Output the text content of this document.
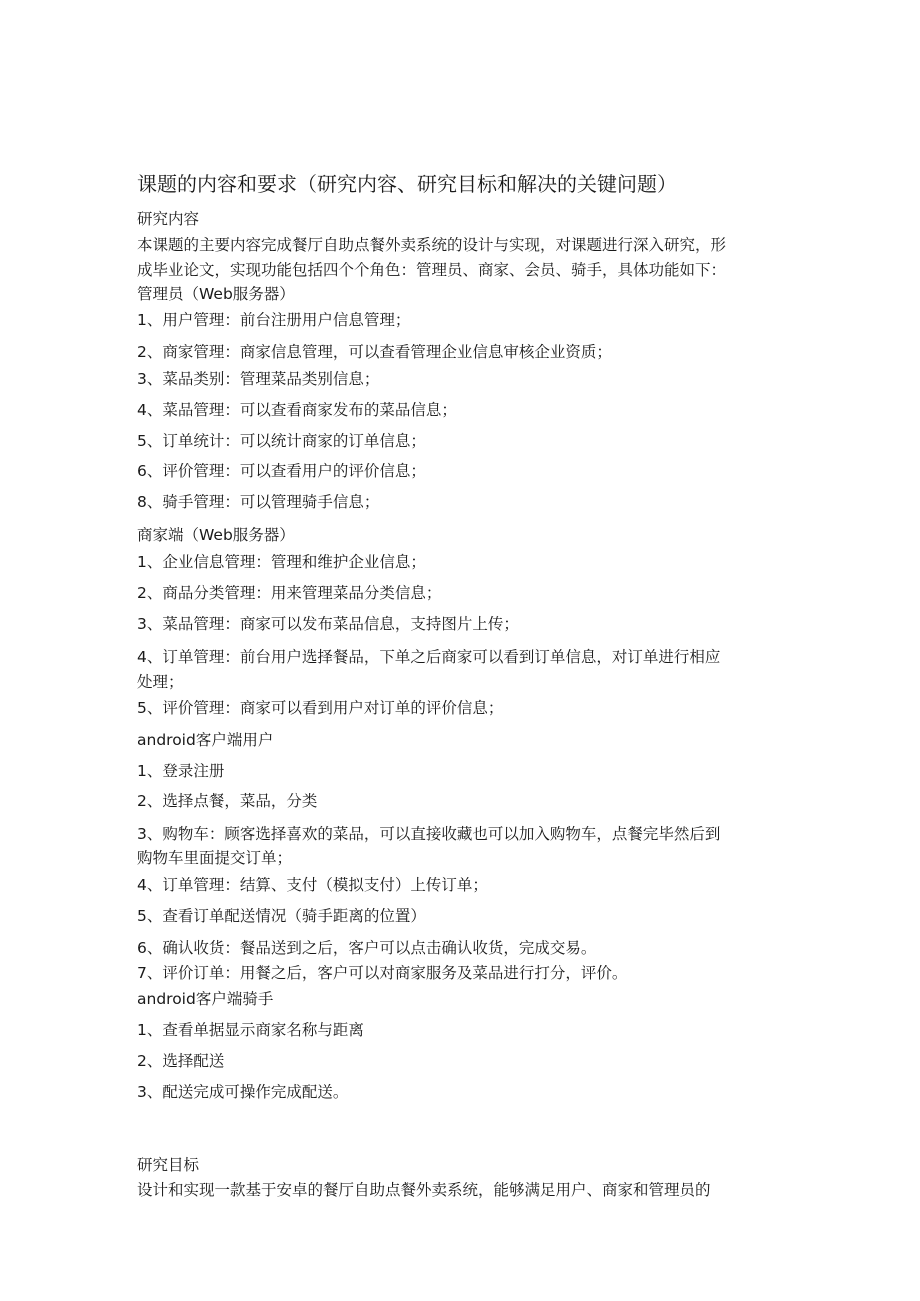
课题的内容和要求（研究内容、研究目标和解决的关键问题）
研究内容
本课题的主要内容完成餐厅自助点餐外卖系统的设计与实现，对课题进行深入研究，形
成毕业论文，实现功能包括四个个角色：管理员、商家、会员、骑手，具体功能如下：
管理员（Web服务器）
1、用户管理：前台注册用户信息管理；
2、商家管理：商家信息管理，可以查看管理企业信息审核企业资质；
3、菜品类别：管理菜品类别信息；
4、菜品管理：可以查看商家发布的菜品信息；
5、订单统计：可以统计商家的订单信息；
6、评价管理：可以查看用户的评价信息；
8、骑手管理：可以管理骑手信息；
商家端（Web服务器）
1、企业信息管理：管理和维护企业信息；
2、商品分类管理：用来管理菜品分类信息；
3、菜品管理：商家可以发布菜品信息，支持图片上传；
4、订单管理：前台用户选择餐品，下单之后商家可以看到订单信息，对订单进行相应
处理；
5、评价管理：商家可以看到用户对订单的评价信息；
android客户端用户
1、登录注册
2、选择点餐，菜品，分类
3、购物车：顾客选择喜欢的菜品，可以直接收藏也可以加入购物车，点餐完毕然后到
购物车里面提交订单；
4、订单管理：结算、支付（模拟支付）上传订单；
5、查看订单配送情况（骑手距离的位置）
6、确认收货：餐品送到之后，客户可以点击确认收货，完成交易。
7、评价订单：用餐之后，客户可以对商家服务及菜品进行打分，评价。
android客户端骑手
1、查看单据显示商家名称与距离
2、选择配送
3、配送完成可操作完成配送。
研究目标
设计和实现一款基于安卓的餐厅自助点餐外卖系统，能够满足用户、商家和管理员的
